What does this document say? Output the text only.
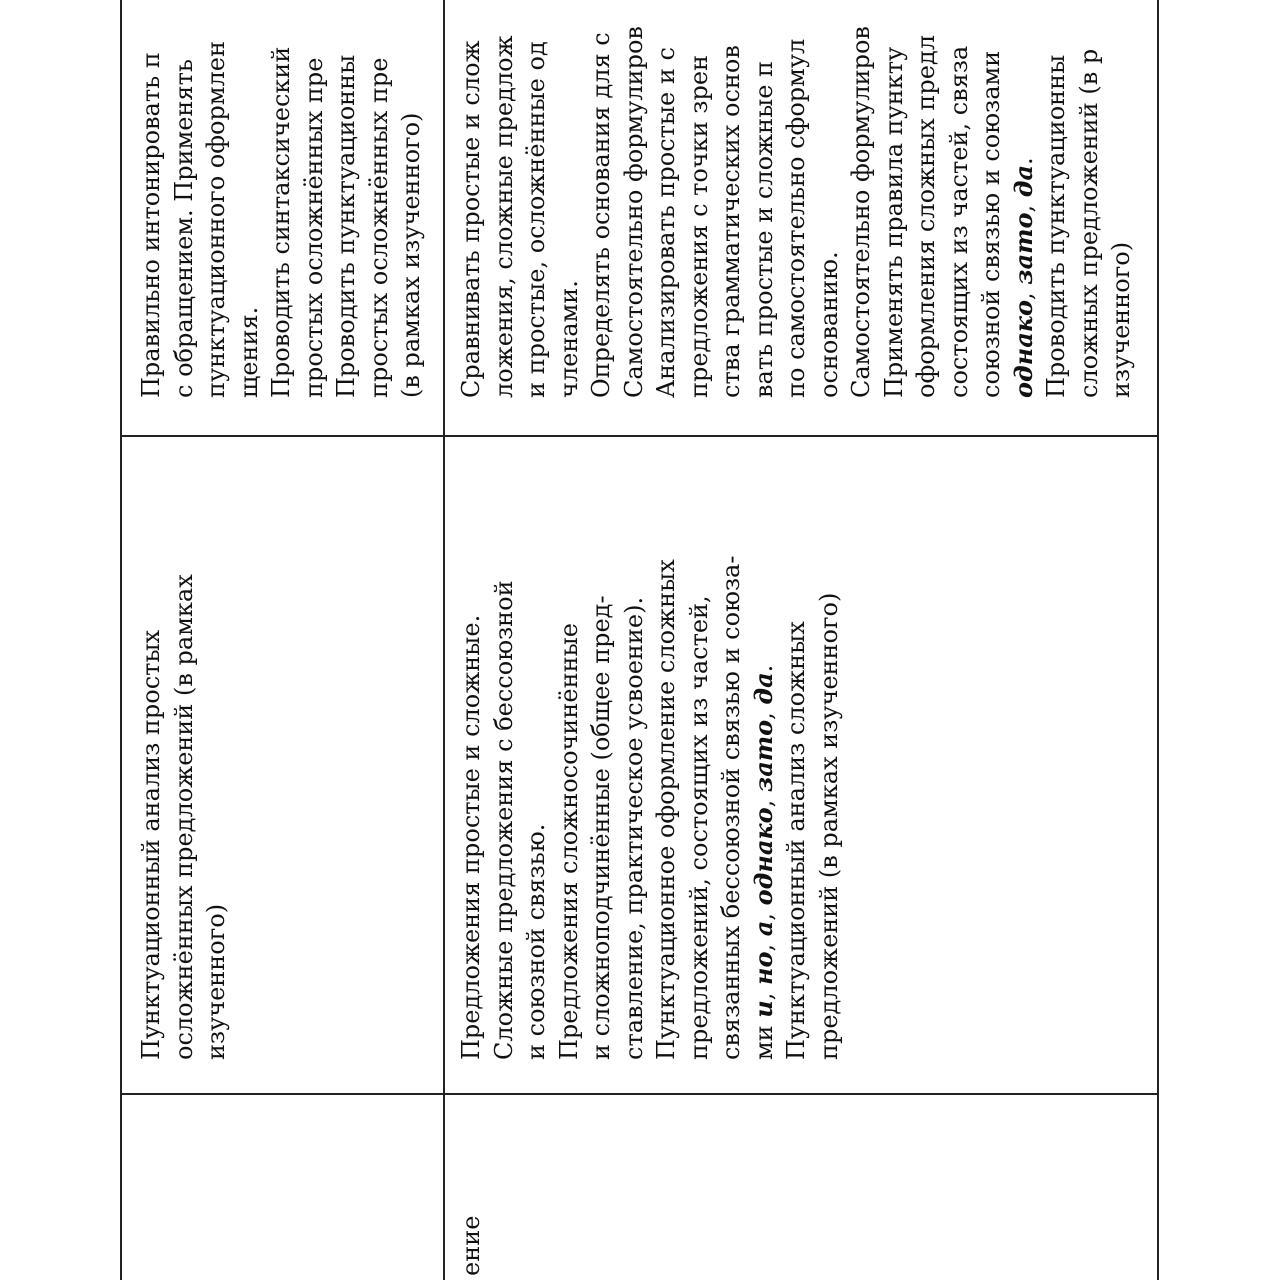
Пунктуационный анализ простых осложнённых предложений (в рамках изученного)
Правильно интонировать п с обращением. Применять пунктуационного оформлен щения. Проводить синтаксический простых осложнённых пре Проводить пунктуационны простых осложнённых пре (в рамках изученного)
ение
Предложения простые и сложные. Сложные предложения с бессоюзной и союзной связью. Предложения сложносочинённые и сложноподчинённые (общее пред- ставление, практическое усвоение). Пунктуационное оформление сложных предложений, состоящих из частей, связанных бессоюзной связью и союза- ми и, но, а, однако, зато, да. Пунктуационный анализ сложных предложений (в рамках изученного)
Сравнивать простые и слож ложения, сложные предлож и простые, осложнённые од членами. Определять основания для с Самостоятельно формулиров Анализировать простые и с предложения с точки зрен ства грамматических основ вать простые и сложные п по самостоятельно сформул основанию. Самостоятельно формулиров Применять правила пункту оформления сложных предл состоящих из частей, связа союзной связью и союзами однако, зато, да. Проводить пунктуационны сложных предложений (в р изученного)
